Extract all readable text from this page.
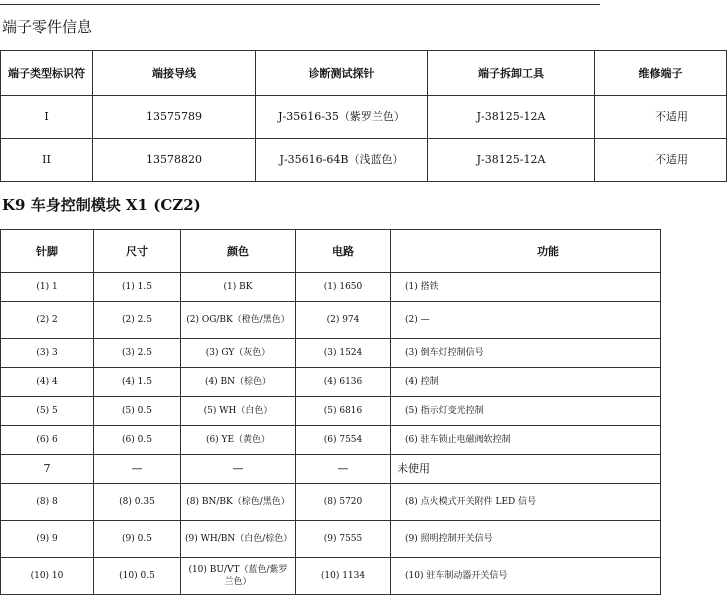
端子零件信息
端子类型标识符	端接导线	诊断测试探针	端子拆卸工具	维修端子
I	13575789	J-35616-35（紫罗兰色）	J-38125-12A	不适用
II	13578820	J-35616-64B（浅蓝色）	J-38125-12A	不适用
K9 车身控制模块 X1 (CZ2)
针脚	尺寸	颜色	电路	功能
(1) 1	(1) 1.5	(1) BK	(1) 1650	(1) 搭铁
(2) 2	(2) 2.5	(2) OG/BK（橙色/黑色）	(2) 974	(2) —
(3) 3	(3) 2.5	(3) GY（灰色）	(3) 1524	(3) 倒车灯控制信号
(4) 4	(4) 1.5	(4) BN（棕色）	(4) 6136	(4) 控制
(5) 5	(5) 0.5	(5) WH（白色）	(5) 6816	(5) 指示灯变光控制
(6) 6	(6) 0.5	(6) YE（黄色）	(6) 7554	(6) 驻车锁止电磁阀软控制
7	—	—	—	未使用
(8) 8	(8) 0.35	(8) BN/BK（棕色/黑色）	(8) 5720	(8) 点火模式开关附件 LED 信号
(9) 9	(9) 0.5	(9) WH/BN（白色/棕色）	(9) 7555	(9) 照明控制开关信号
(10) 10	(10) 0.5	(10) BU/VT（蓝色/紫罗兰色）	(10) 1134	(10) 驻车制动器开关信号
